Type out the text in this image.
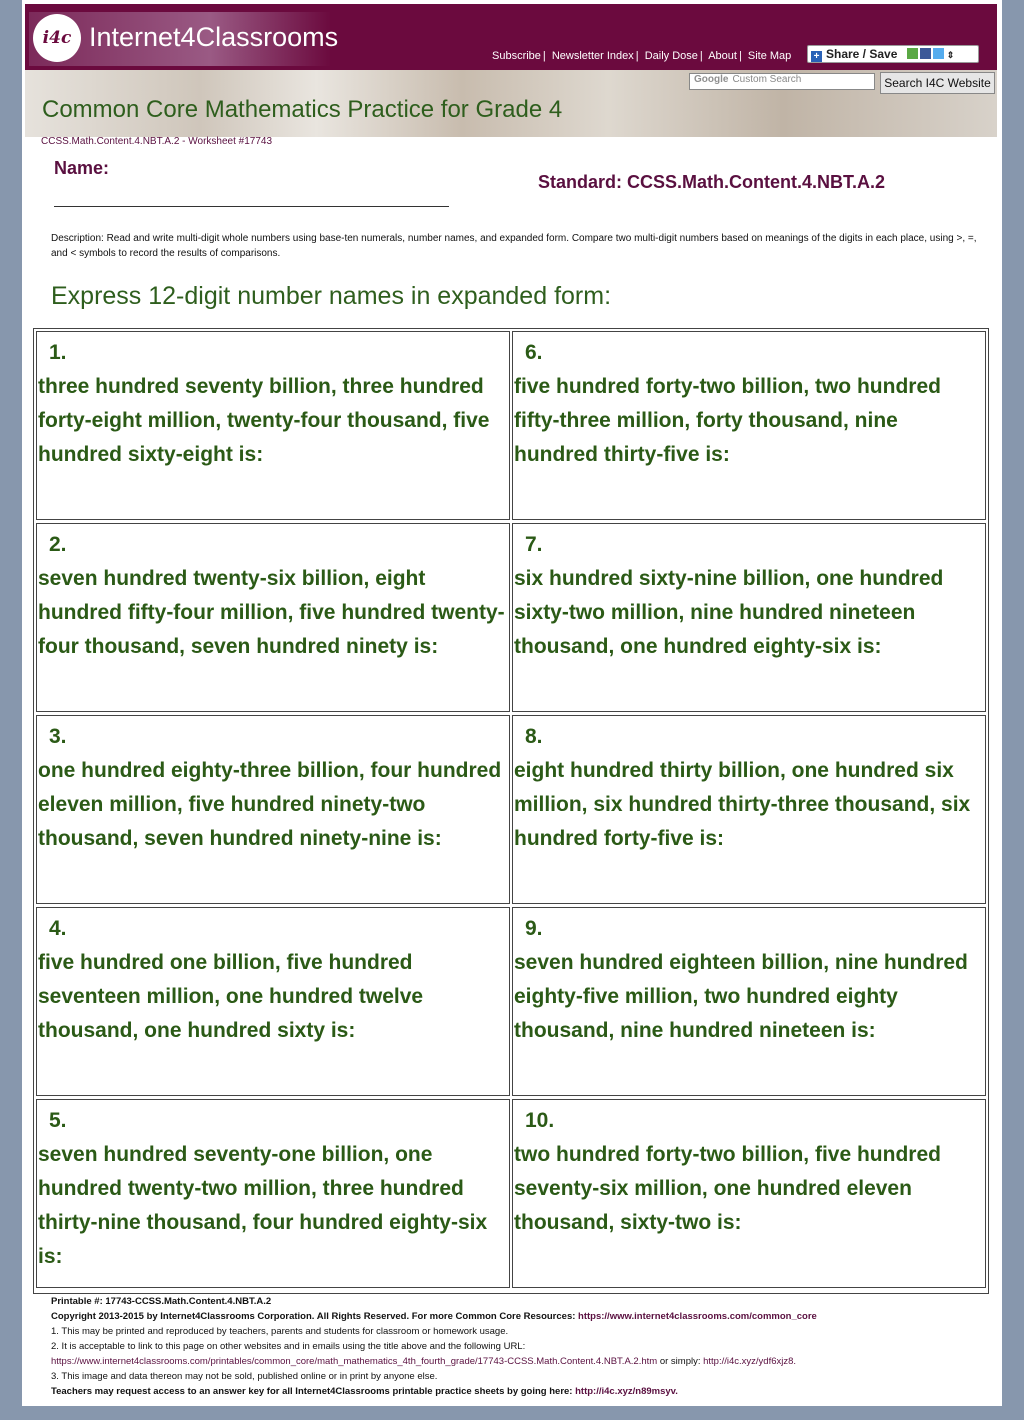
i4c Internet4Classrooms
Subscribe | Newsletter Index | Daily Dose | About | Site Map	+ Share / Save	⇕
Google Custom Search	Search I4C Website
Common Core Mathematics Practice for Grade 4
CCSS.Math.Content.4.NBT.A.2 - Worksheet #17743
Name:
Standard: CCSS.Math.Content.4.NBT.A.2
Description: Read and write multi-digit whole numbers using base-ten numerals, number names, and expanded form. Compare two multi-digit numbers based on meanings of the digits in each place, using >, =, and < symbols to record the results of comparisons.
Express 12-digit number names in expanded form:
1.
three hundred seventy billion, three hundred forty-eight million, twenty-four thousand, five hundred sixty-eight is:
2.
seven hundred twenty-six billion, eight hundred fifty-four million, five hundred twenty-four thousand, seven hundred ninety is:
3.
one hundred eighty-three billion, four hundred eleven million, five hundred ninety-two thousand, seven hundred ninety-nine is:
4.
five hundred one billion, five hundred seventeen million, one hundred twelve thousand, one hundred sixty is:
5.
seven hundred seventy-one billion, one hundred twenty-two million, three hundred thirty-nine thousand, four hundred eighty-six is:
6.
five hundred forty-two billion, two hundred fifty-three million, forty thousand, nine hundred thirty-five is:
7.
six hundred sixty-nine billion, one hundred sixty-two million, nine hundred nineteen thousand, one hundred eighty-six is:
8.
eight hundred thirty billion, one hundred six million, six hundred thirty-three thousand, six hundred forty-five is:
9.
seven hundred eighteen billion, nine hundred eighty-five million, two hundred eighty thousand, nine hundred nineteen is:
10.
two hundred forty-two billion, five hundred seventy-six million, one hundred eleven thousand, sixty-two is:
Printable #: 17743-CCSS.Math.Content.4.NBT.A.2
Copyright 2013-2015 by Internet4Classrooms Corporation. All Rights Reserved. For more Common Core Resources: https://www.internet4classrooms.com/common_core
1. This may be printed and reproduced by teachers, parents and students for classroom or homework usage.
2. It is acceptable to link to this page on other websites and in emails using the title above and the following URL:
https://www.internet4classrooms.com/printables/common_core/math_mathematics_4th_fourth_grade/17743-CCSS.Math.Content.4.NBT.A.2.htm or simply: http://i4c.xyz/ydf6xjz8.
3. This image and data thereon may not be sold, published online or in print by anyone else.
Teachers may request access to an answer key for all Internet4Classrooms printable practice sheets by going here: http://i4c.xyz/n89msyv.
